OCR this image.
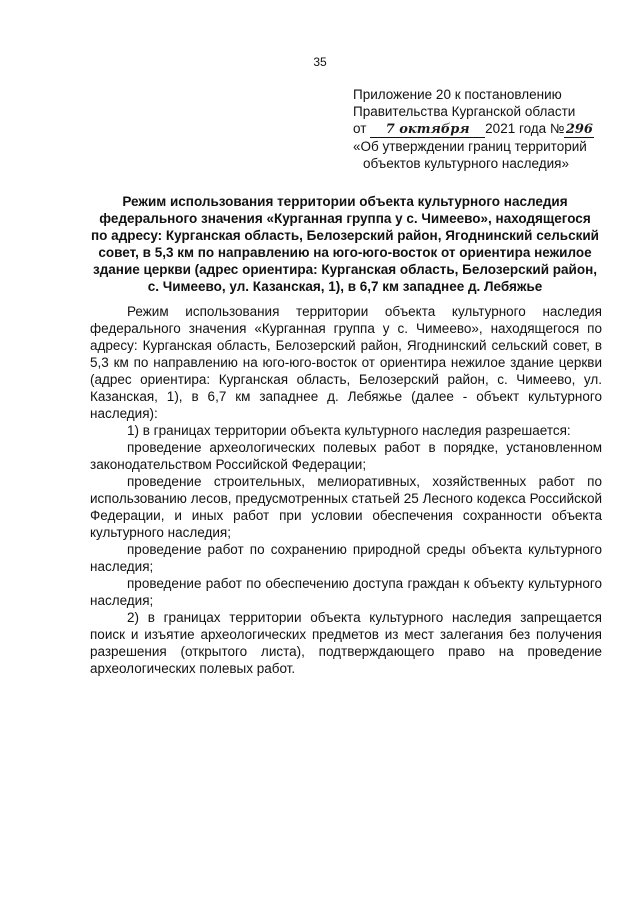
35
Приложение 20 к постановлению
Правительства Курганской области
от 7 октября 2021 года №296
«Об утверждении границ территорий
объектов культурного наследия»
Режим использования территории объекта культурного наследия федерального значения «Курганная группа у с. Чимеево», находящегося по адресу: Курганская область, Белозерский район, Ягоднинский сельский совет, в 5,3 км по направлению на юго-юго-восток от ориентира нежилое здание церкви (адрес ориентира: Курганская область, Белозерский район, с. Чимеево, ул. Казанская, 1), в 6,7 км западнее д. Лебяжье

Режим использования территории объекта культурного наследия федерального значения «Курганная группа у с. Чимеево», находящегося по адресу: Курганская область, Белозерский район, Ягоднинский сельский совет, в 5,3 км по направлению на юго-юго-восток от ориентира нежилое здание церкви (адрес ориентира: Курганская область, Белозерский район, с. Чимеево, ул. Казанская, 1), в 6,7 км западнее д. Лебяжье (далее - объект культурного наследия):

1) в границах территории объекта культурного наследия разрешается:

проведение археологических полевых работ в порядке, установленном законодательством Российской Федерации;

проведение строительных, мелиоративных, хозяйственных работ по использованию лесов, предусмотренных статьей 25 Лесного кодекса Российской Федерации, и иных работ при условии обеспечения сохранности объекта культурного наследия;

проведение работ по сохранению природной среды объекта культурного наследия;

проведение работ по обеспечению доступа граждан к объекту культурного наследия;

2) в границах территории объекта культурного наследия запрещается поиск и изъятие археологических предметов из мест залегания без получения разрешения (открытого листа), подтверждающего право на проведение археологических полевых работ.
